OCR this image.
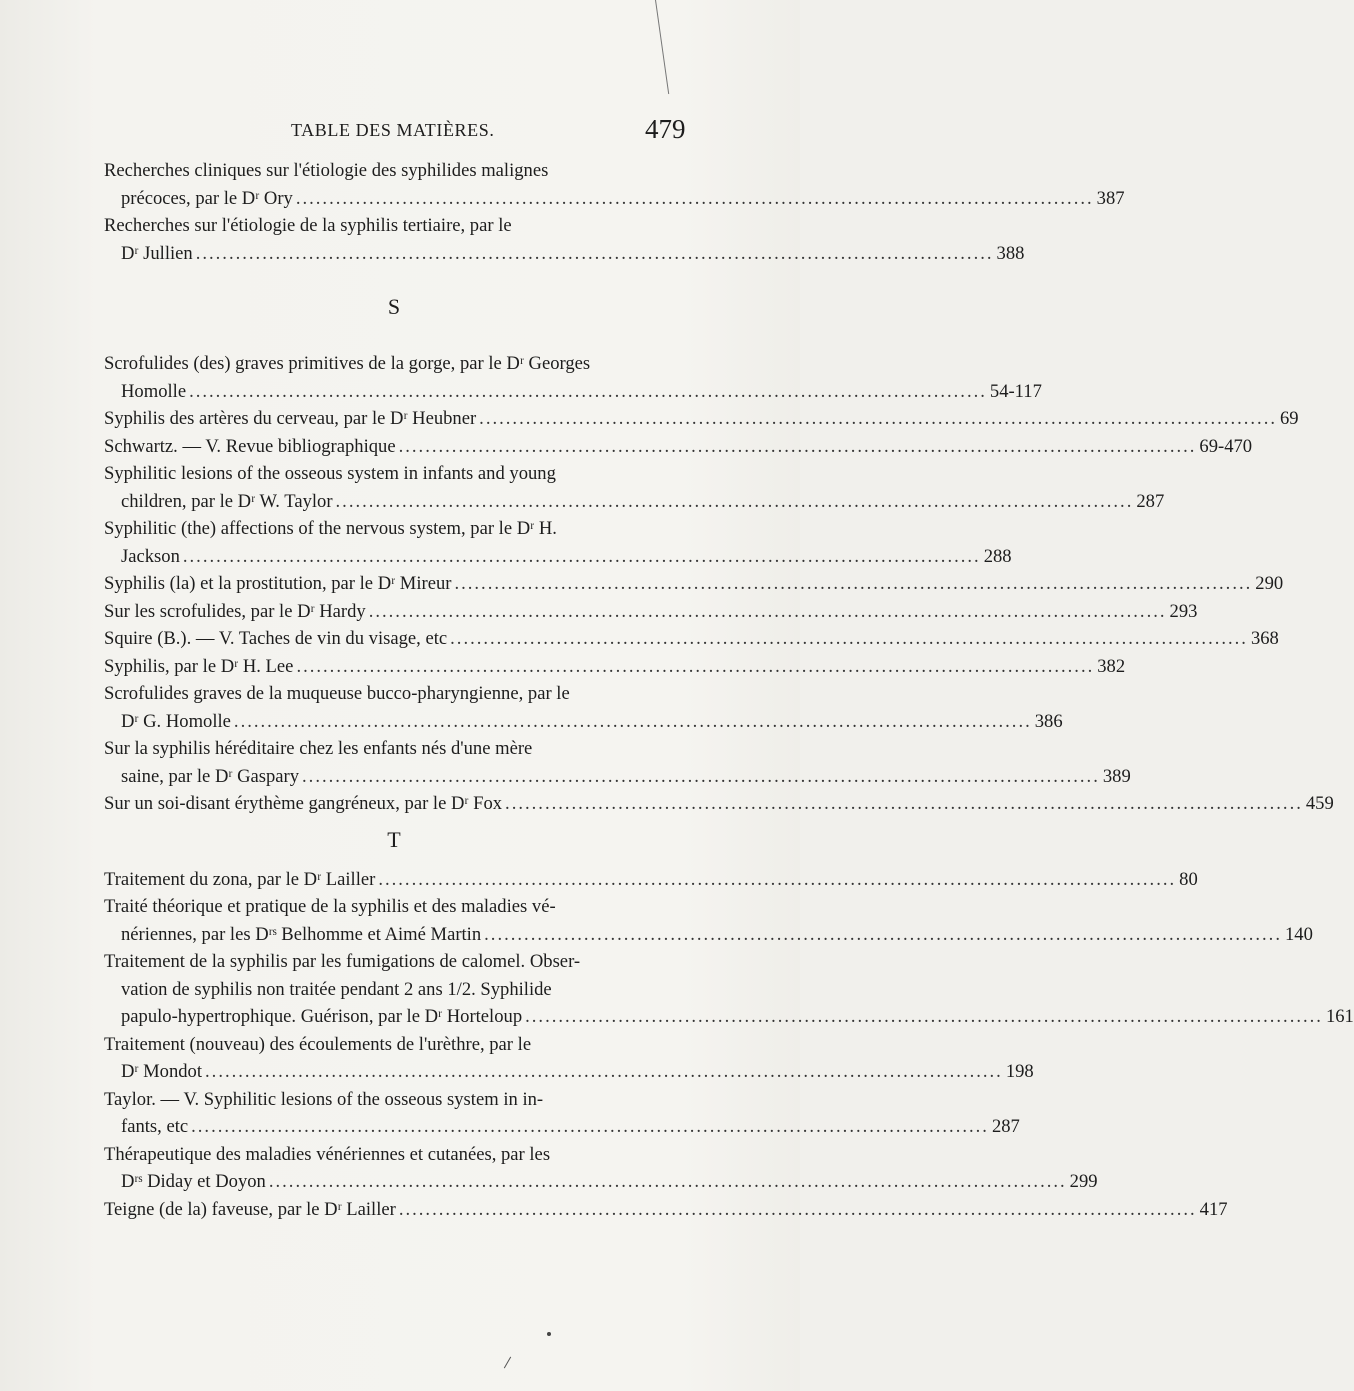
TABLE DES MATIÈRES.	479
Recherches cliniques sur l'étiologie des syphilides malignes
précoces, par le Dʳ Ory ........................................................................................................................ 387
Recherches sur l'étiologie de la syphilis tertiaire, par le
Dʳ Jullien ........................................................................................................................ 388
S
Scrofulides (des) graves primitives de la gorge, par le Dʳ Georges
Homolle ........................................................................................................................ 54-117
Syphilis des artères du cerveau, par le Dʳ Heubner ........................................................................................................................ 69
Schwartz. — V. Revue bibliographique ........................................................................................................................ 69-470
Syphilitic lesions of the osseous system in infants and young
children, par le Dʳ W. Taylor ........................................................................................................................ 287
Syphilitic (the) affections of the nervous system, par le Dʳ H.
Jackson ........................................................................................................................ 288
Syphilis (la) et la prostitution, par le Dʳ Mireur ........................................................................................................................ 290
Sur les scrofulides, par le Dʳ Hardy ........................................................................................................................ 293
Squire (B.). — V. Taches de vin du visage, etc ........................................................................................................................ 368
Syphilis, par le Dʳ H. Lee ........................................................................................................................ 382
Scrofulides graves de la muqueuse bucco-pharyngienne, par le
Dʳ G. Homolle ........................................................................................................................ 386
Sur la syphilis héréditaire chez les enfants nés d'une mère
saine, par le Dʳ Gaspary ........................................................................................................................ 389
Sur un soi-disant érythème gangréneux, par le Dʳ Fox ........................................................................................................................ 459
T
Traitement du zona, par le Dʳ Lailler ........................................................................................................................ 80
Traité théorique et pratique de la syphilis et des maladies vé-
nériennes, par les Dʳˢ Belhomme et Aimé Martin ........................................................................................................................ 140
Traitement de la syphilis par les fumigations de calomel. Obser-
vation de syphilis non traitée pendant 2 ans 1/2. Syphilide
papulo-hypertrophique. Guérison, par le Dʳ Horteloup ........................................................................................................................ 161
Traitement (nouveau) des écoulements de l'urèthre, par le
Dʳ Mondot ........................................................................................................................ 198
Taylor. — V. Syphilitic lesions of the osseous system in in-
fants, etc ........................................................................................................................ 287
Thérapeutique des maladies vénériennes et cutanées, par les
Dʳˢ Diday et Doyon ........................................................................................................................ 299
Teigne (de la) faveuse, par le Dʳ Lailler ........................................................................................................................ 417
